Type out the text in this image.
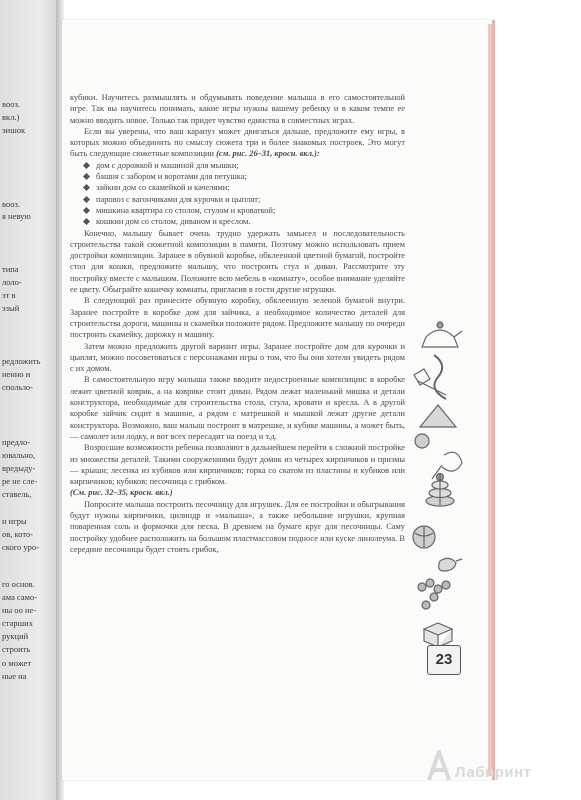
вооз.
вкл.)
эишок
вооз.
я невую
типа
лоло-
эт в
эзый
редложить
ненно и
спользо-
предло-
ювально,
вредыду-
ре не сле-
ставель,
н игры
ов, кото-
ского уро-
го основ.
ама само-
ны оо не-
старших
рукций
строить
о может
ные на

кубики. Научитесь размышлять и обдумывать поведение малыша в его самостоятельной игре. Так вы научитесь понимать, какие игры нужны вашему ребенку и в каком темпе ее можно вводить новое. Только так придет чувство единства в совместных играх.

Если вы уверены, что ваш карапуз может двигаться дальше, предложите ему игры, в которых можно объединить по смыслу сюжета три и более знакомых построек. Это могут быть следующие сюжетные композиции (см. рис. 26–31, кросн. вкл.):

дом с дорожкой и машиной для мышки;
башня с забором и воротами для петушка;
зайкин дом со скамейкой и качелями;
паровоз с вагончиками для курочки и цыплят;
мишкина квартира со столом, стулом и кроваткой;
кошкин дом со столом, диваном и креслом.

Конечно, малышу бывает очень трудно удержать замысел и последовательность строительства такой сюжетной композиции в памяти. Поэтому можно использовать прием достройки композиции. Заранее в обувной коробке, обклеенной цветной бумагой, постройте стол для кошки, предложите малышу, что построить стул и диван. Рассмотрите эту постройку вместе с малышом. Положите всю мебель в «комнату», особое внимание уделяйте ее цвету. Обыграйте кошечку комнаты, пригласив в гости другие игрушки.

В следующий раз принесите обувную коробку, обклеенную зеленой бумагой внутри. Заранее постройте в коробке дом для зайчика, а необходимое количество деталей для строительства дороги, машины и скамейки положите рядом. Предложите малышу по очереди построить скамейку, дорожку и машину.

Затем можно предложить другой вариант игры. Заранее постройте дом для курочки и цыплят, можно посоветоваться с персонажами игры о том, что бы они хотели увидеть рядом с их домом.

В самостоятельную игру малыша также вводите недостроенные композиции: в коробке лежит цветной коврик, а на коврике стоит диван. Рядом лежат маленький мишка и детали конструктора, необходимые для строительства стола, стула, кровати и кресла. А в другой коробке зайчик сидит в машине, а рядом с матрешкой и мышкой лежат другие детали конструктора. Возможно, ваш малыш построит в матрешке, и кубике машины, а может быть, — самолет или лодку, и вот всех пересадит на поезд и т.д.

Возросшие возможности ребенка позволяют в дальнейшем перейти к сложной постройке из множества деталей. Такими сооружениями будут домик из четырех кирпичиков и призмы — крыши; лесенка из кубиков или кирпичиков; горка со скатом из пластины и кубиков или кирпичиков; кубиков; песочница с грибком.
(См. рис. 32–35, кросн. вкл.)

Попросите малыша построить песочницу для игрушек. Для ее постройки и обыгрывания будут нужны кирпичики, цилиндр и «малыша», а также небольшие игрушки, крупная поваренная соль и формочки для песка. В древнем на бумаге круг для песочницы. Саму постройку удобнее расположить на большом пластмассовом подносе или куске линолеума. В середине песочницы будет стоять грибок,

23
Лабиринт
